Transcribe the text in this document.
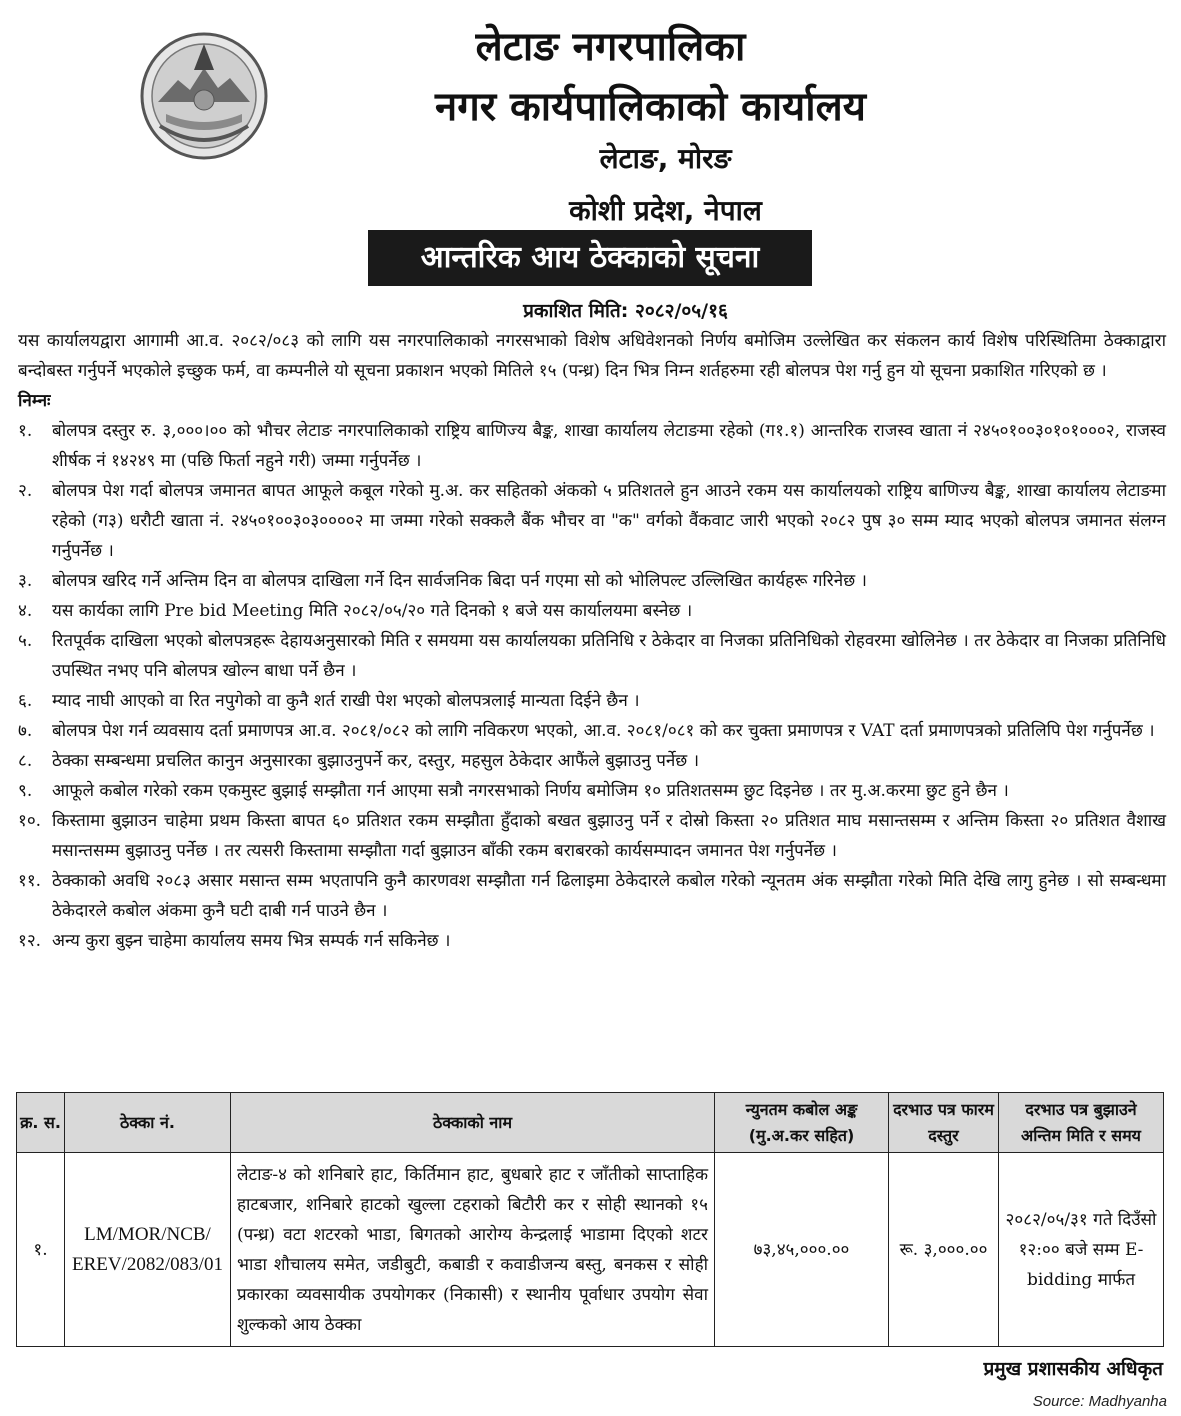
लेटाङ नगरपालिका
नगर कार्यपालिकाको कार्यालय
लेटाङ, मोरङ
कोशी प्रदेश, नेपाल
आन्तरिक आय ठेक्काको सूचना
प्रकाशित मिति: २०८२/०५/१६

यस कार्यालयद्वारा आगामी आ.व. २०८२/०८३ को लागि यस नगरपालिकाको नगरसभाको विशेष अधिवेशनको निर्णय बमोजिम उल्लेखित कर संकलन कार्य विशेष परिस्थितिमा ठेक्काद्वारा बन्दोबस्त गर्नुपर्ने भएकोले इच्छुक फर्म, वा कम्पनीले यो सूचना प्रकाशन भएको मितिले १५ (पन्ध्र) दिन भित्र निम्न शर्तहरुमा रही बोलपत्र पेश गर्नु हुन यो सूचना प्रकाशित गरिएको छ ।

निम्नः
१.	बोलपत्र दस्तुर रु. ३,०००।०० को भौचर लेटाङ नगरपालिकाको राष्ट्रिय बाणिज्य बैङ्क, शाखा कार्यालय लेटाङमा रहेको (ग१.१) आन्तरिक राजस्व खाता नं २४५०१००३०१०१०००२, राजस्व शीर्षक नं १४२४९ मा (पछि फिर्ता नहुने गरी) जम्मा गर्नुपर्नेछ ।
२.	बोलपत्र पेश गर्दा बोलपत्र जमानत बापत आफूले कबूल गरेको मु.अ. कर सहितको अंकको ५ प्रतिशतले हुन आउने रकम यस कार्यालयको राष्ट्रिय बाणिज्य बैङ्क, शाखा कार्यालय लेटाङमा रहेको (ग३) धरौटी खाता नं. २४५०१००३०३००००२ मा जम्मा गरेको सक्कलै बैंक भौचर वा "क" वर्गको वैंकवाट जारी भएको २०८२ पुष ३० सम्म म्याद भएको बोलपत्र जमानत संलग्न गर्नुपर्नेछ ।
३.	बोलपत्र खरिद गर्ने अन्तिम दिन वा बोलपत्र दाखिला गर्ने दिन सार्वजनिक बिदा पर्न गएमा सो को भोलिपल्ट उल्लिखित कार्यहरू गरिनेछ ।
४.	यस कार्यका लागि Pre bid Meeting मिति २०८२/०५/२० गते दिनको १ बजे यस कार्यालयमा बस्नेछ ।
५.	रितपूर्वक दाखिला भएको बोलपत्रहरू देहायअनुसारको मिति र समयमा यस कार्यालयका प्रतिनिधि र ठेकेदार वा निजका प्रतिनिधिको रोहवरमा खोलिनेछ । तर ठेकेदार वा निजका प्रतिनिधि उपस्थित नभए पनि बोलपत्र खोल्न बाधा पर्ने छैन ।
६.	म्याद नाघी आएको वा रित नपुगेको वा कुनै शर्त राखी पेश भएको बोलपत्रलाई मान्यता दिईने छैन ।
७.	बोलपत्र पेश गर्न व्यवसाय दर्ता प्रमाणपत्र आ.व. २०८१/०८२ को लागि नविकरण भएको, आ.व. २०८१/०८१ को कर चुक्ता प्रमाणपत्र र VAT दर्ता प्रमाणपत्रको प्रतिलिपि पेश गर्नुपर्नेछ ।
८.	ठेक्का सम्बन्धमा प्रचलित कानुन अनुसारका बुझाउनुपर्ने कर, दस्तुर, महसुल ठेकेदार आफैंले बुझाउनु पर्नेछ ।
९.	आफूले कबोल गरेको रकम एकमुस्ट बुझाई सम्झौता गर्न आएमा सत्रौ नगरसभाको निर्णय बमोजिम १० प्रतिशतसम्म छुट दिइनेछ । तर मु.अ.करमा छुट हुने छैन ।
१०. किस्तामा बुझाउन चाहेमा प्रथम किस्ता बापत ६० प्रतिशत रकम सम्झौता हुँदाको बखत बुझाउनु पर्ने र दोस्रो किस्ता २० प्रतिशत माघ मसान्तसम्म र अन्तिम किस्ता २० प्रतिशत वैशाख मसान्तसम्म बुझाउनु पर्नेछ । तर त्यसरी किस्तामा सम्झौता गर्दा बुझाउन बाँकी रकम बराबरको कार्यसम्पादन जमानत पेश गर्नुपर्नेछ ।
११. ठेक्काको अवधि २०८३ असार मसान्त सम्म भएतापनि कुनै कारणवश सम्झौता गर्न ढिलाइमा ठेकेदारले कबोल गरेको न्यूनतम अंक सम्झौता गरेको मिति देखि लागु हुनेछ । सो सम्बन्धमा ठेकेदारले कबोल अंकमा कुनै घटी दाबी गर्न पाउने छैन ।
१२. अन्य कुरा बुझ्न चाहेमा कार्यालय समय भित्र सम्पर्क गर्न सकिनेछ ।
क्र. स.	ठेक्का नं.	ठेक्काको नाम	न्युनतम कबोल अङ्क (मु.अ.कर सहित)	दरभाउ पत्र फारम दस्तुर	दरभाउ पत्र बुझाउने अन्तिम मिति र समय
१.	LM/MOR/NCB/ EREV/2082/083/01	लेटाङ-४ को शनिबारे हाट, किर्तिमान हाट, बुधबारे हाट र जाँतीको साप्ताहिक हाटबजार, शनिबारे हाटको खुल्ला टहराको बिटौरी कर र सोही स्थानको १५ (पन्ध्र) वटा शटरको भाडा, बिगतको आरोग्य केन्द्रलाई भाडामा दिएको शटर भाडा शौचालय समेत, जडीबुटी, कबाडी र कवाडीजन्य बस्तु, बनकस र सोही प्रकारका व्यवसायीक उपयोगकर (निकासी) र स्थानीय पूर्वाधार उपयोग सेवा शुल्कको आय ठेक्का	७३,४५,०००.००	रू. ३,०००.००	२०८२/०५/३१ गते दिउँसो १२:०० बजे सम्म E-bidding मार्फत
प्रमुख प्रशासकीय अधिकृत
Source: Madhyanha
